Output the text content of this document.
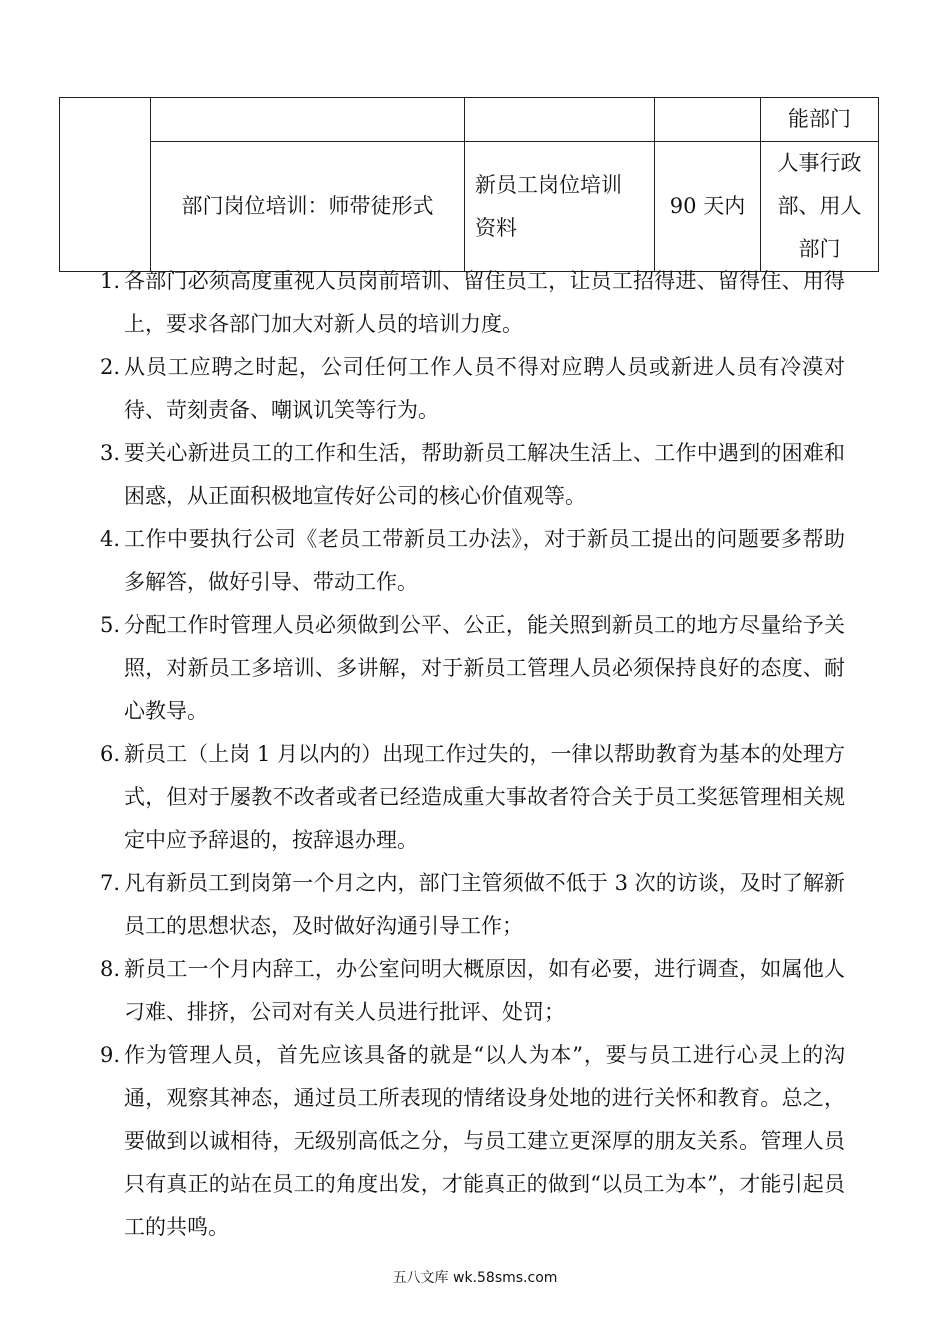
				能部门
	部门岗位培训：师带徒形式	新员工岗位培训资料	90 天内	人事行政部、用人部门
1. 各部门必须高度重视人员岗前培训、留住员工，让员工招得进、留得住、用得上，要求各部门加大对新人员的培训力度。
2. 从员工应聘之时起，公司任何工作人员不得对应聘人员或新进人员有冷漠对待、苛刻责备、嘲讽讥笑等行为。
3. 要关心新进员工的工作和生活，帮助新员工解决生活上、工作中遇到的困难和困惑，从正面积极地宣传好公司的核心价值观等。
4. 工作中要执行公司《老员工带新员工办法》，对于新员工提出的问题要多帮助多解答，做好引导、带动工作。
5. 分配工作时管理人员必须做到公平、公正，能关照到新员工的地方尽量给予关照，对新员工多培训、多讲解，对于新员工管理人员必须保持良好的态度、耐心教导。
6. 新员工（上岗 1 月以内的）出现工作过失的，一律以帮助教育为基本的处理方式，但对于屡教不改者或者已经造成重大事故者符合关于员工奖惩管理相关规定中应予辞退的，按辞退办理。
7. 凡有新员工到岗第一个月之内，部门主管须做不低于 3 次的访谈，及时了解新员工的思想状态，及时做好沟通引导工作；
8. 新员工一个月内辞工，办公室问明大概原因，如有必要，进行调查，如属他人刁难、排挤，公司对有关人员进行批评、处罚；
9. 作为管理人员，首先应该具备的就是“以人为本”，要与员工进行心灵上的沟通，观察其神态，通过员工所表现的情绪设身处地的进行关怀和教育。总之，要做到以诚相待，无级别高低之分，与员工建立更深厚的朋友关系。管理人员只有真正的站在员工的角度出发，才能真正的做到“以员工为本”，才能引起员工的共鸣。
五八文库 wk.58sms.com
